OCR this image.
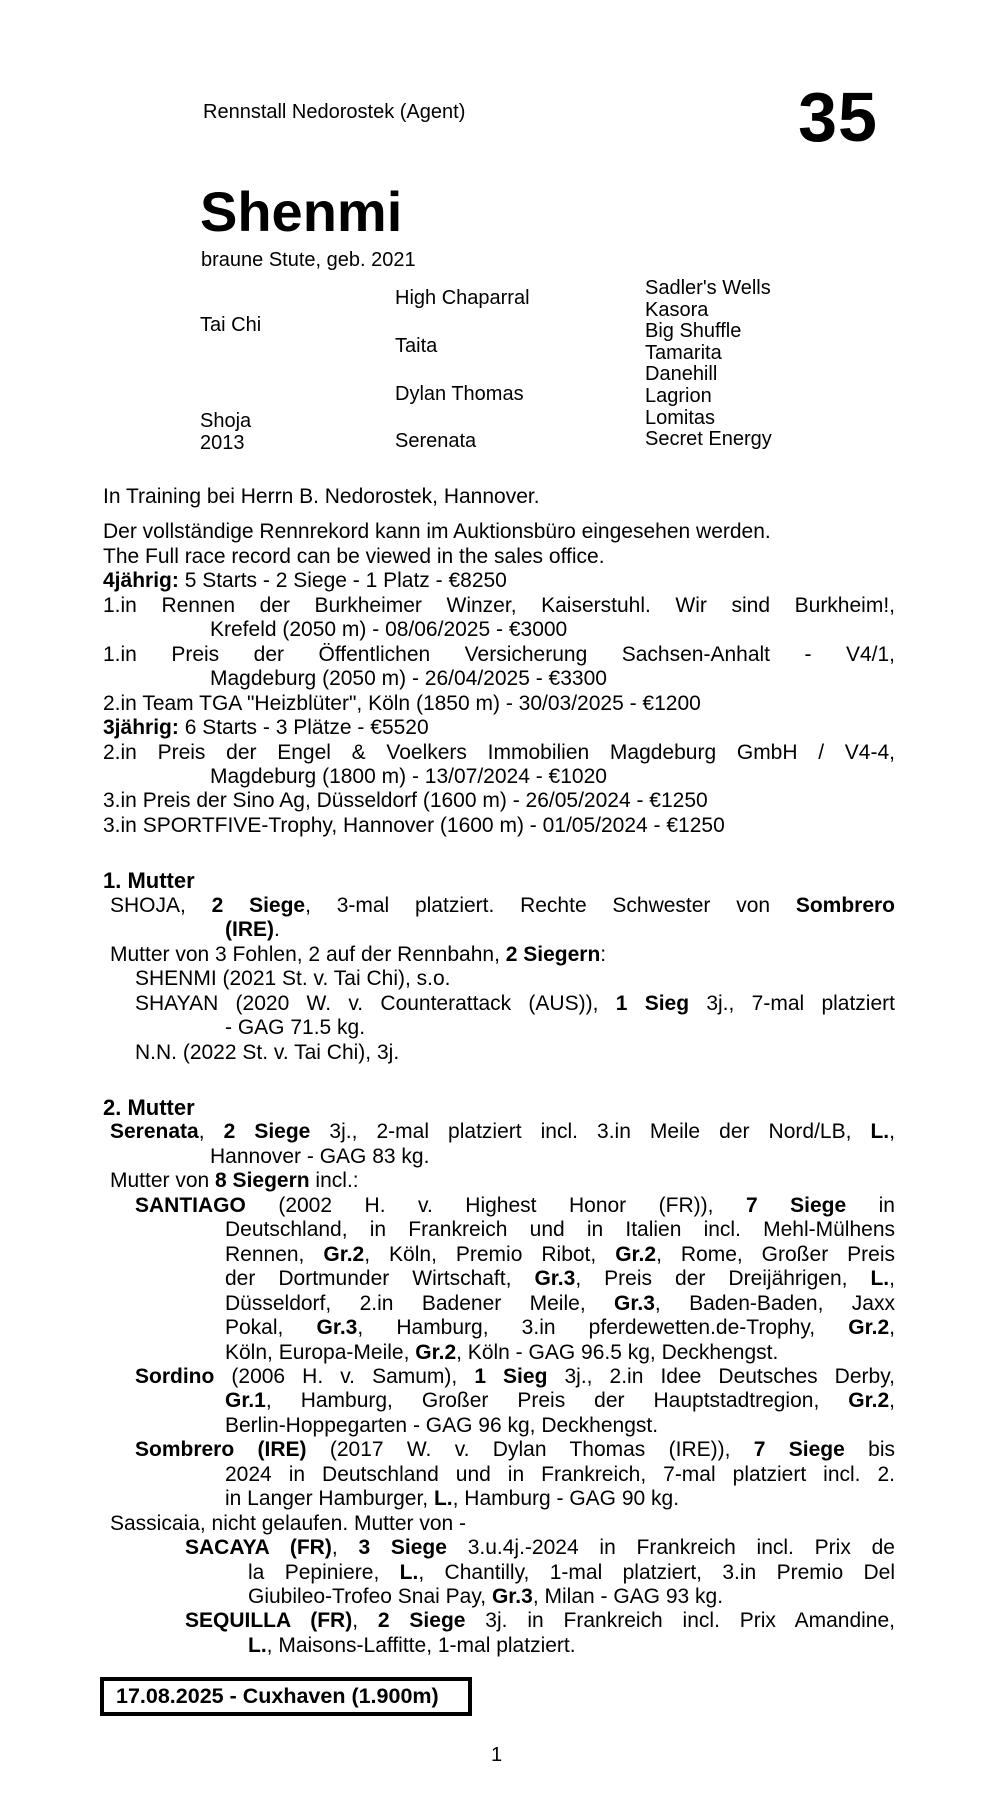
Rennstall Nedorostek (Agent)	35
Shenmi
braune Stute, geb. 2021
Tai Chi
Shoja
2013
High Chaparral
Taita
Dylan Thomas
Serenata
Sadler's Wells
Kasora
Big Shuffle
Tamarita
Danehill
Lagrion
Lomitas
Secret Energy
In Training bei Herrn B. Nedorostek, Hannover.
Der vollständige Rennrekord kann im Auktionsbüro eingesehen werden.
The Full race record can be viewed in the sales office.
4jährig: 5 Starts - 2 Siege - 1 Platz - €8250
1.in Rennen der Burkheimer Winzer, Kaiserstuhl. Wir sind Burkheim!,
Krefeld (2050 m) - 08/06/2025 - €3000
1.in Preis der Öffentlichen Versicherung Sachsen-Anhalt - V4/1,
Magdeburg (2050 m) - 26/04/2025 - €3300
2.in Team TGA "Heizblüter", Köln (1850 m) - 30/03/2025 - €1200
3jährig: 6 Starts - 3 Plätze - €5520
2.in Preis der Engel & Voelkers Immobilien Magdeburg GmbH / V4-4,
Magdeburg (1800 m) - 13/07/2024 - €1020
3.in Preis der Sino Ag, Düsseldorf (1600 m) - 26/05/2024 - €1250
3.in SPORTFIVE-Trophy, Hannover (1600 m) - 01/05/2024 - €1250
1. Mutter
SHOJA, 2 Siege, 3-mal platziert. Rechte Schwester von Sombrero
(IRE).
Mutter von 3 Fohlen, 2 auf der Rennbahn, 2 Siegern:
SHENMI (2021 St. v. Tai Chi), s.o.
SHAYAN (2020 W. v. Counterattack (AUS)), 1 Sieg 3j., 7-mal platziert
- GAG 71.5 kg.
N.N. (2022 St. v. Tai Chi), 3j.
2. Mutter
Serenata, 2 Siege 3j., 2-mal platziert incl. 3.in Meile der Nord/LB, L.,
Hannover - GAG 83 kg.
Mutter von 8 Siegern incl.:
SANTIAGO (2002 H. v. Highest Honor (FR)), 7 Siege in
Deutschland, in Frankreich und in Italien incl. Mehl-Mülhens
Rennen, Gr.2, Köln, Premio Ribot, Gr.2, Rome, Großer Preis
der Dortmunder Wirtschaft, Gr.3, Preis der Dreijährigen, L.,
Düsseldorf, 2.in Badener Meile, Gr.3, Baden-Baden, Jaxx
Pokal, Gr.3, Hamburg, 3.in pferdewetten.de-Trophy, Gr.2,
Köln, Europa-Meile, Gr.2, Köln - GAG 96.5 kg, Deckhengst.
Sordino (2006 H. v. Samum), 1 Sieg 3j., 2.in Idee Deutsches Derby,
Gr.1, Hamburg, Großer Preis der Hauptstadtregion, Gr.2,
Berlin-Hoppegarten - GAG 96 kg, Deckhengst.
Sombrero (IRE) (2017 W. v. Dylan Thomas (IRE)), 7 Siege bis
2024 in Deutschland und in Frankreich, 7-mal platziert incl. 2.
in Langer Hamburger, L., Hamburg - GAG 90 kg.
Sassicaia, nicht gelaufen. Mutter von -
SACAYA (FR), 3 Siege 3.u.4j.-2024 in Frankreich incl. Prix de
la Pepiniere, L., Chantilly, 1-mal platziert, 3.in Premio Del
Giubileo-Trofeo Snai Pay, Gr.3, Milan - GAG 93 kg.
SEQUILLA (FR), 2 Siege 3j. in Frankreich incl. Prix Amandine,
L., Maisons-Laffitte, 1-mal platziert.
17.08.2025 - Cuxhaven (1.900m)
1
